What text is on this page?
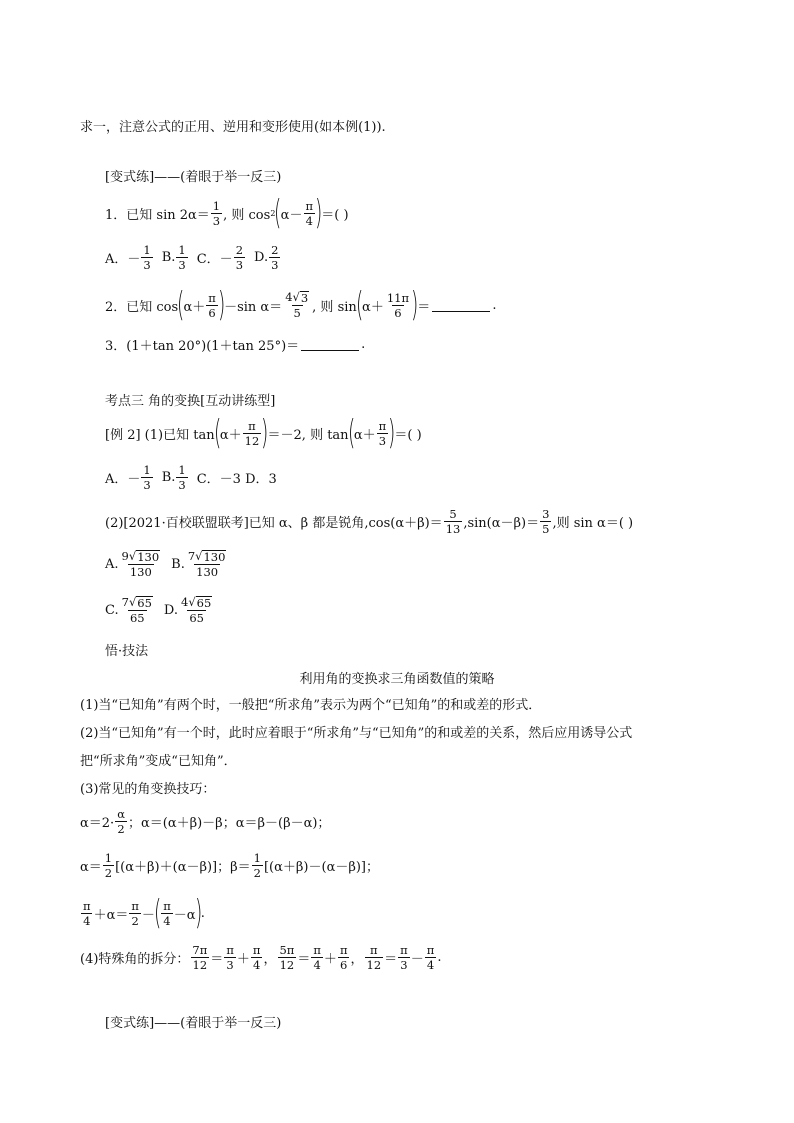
求一，注意公式的正用、逆用和变形使用(如本例(1)).
[变式练]——(着眼于举一反三)
1．已知 $\sin 2\alpha= \frac{1}{3}$ , 则 cos 2
(
$\alpha- \frac{\pi}{4}$ )
＝( )
A．－ $\frac{1}{3} B$. $\frac{1}{3}$ C．－ $\frac{2}{3} D$. $\frac{2}{3}$
2．已知 cos
(
$\alpha+ \frac{\pi}{6}$ )
－sin $\alpha= \frac{4√ 3}{5}$ , 则 sin
(
$\alpha+ \frac{11\pi}{6}$ )
＝	.
3．(1＋tan 20°)(1＋tan 25°)＝	.
考点三 角的变换[互动讲练型]
[例 2] (1)已知 tan
(
$\alpha+ \frac{\pi}{12}$ )
＝－2, 则 tan
(
$\alpha+ \frac{\pi}{3}$ )
＝( )
A．－ $\frac{1}{3} B$. $\frac{1}{3}$ C．－3 D．3
(2)[2021·百校联盟联考]已知 α、β 都是锐角$,\cos(\alpha+\beta)= \frac{5}{13} ,\sin(\alpha-\beta)= \frac{3}{5}$ ,则 sin α＝( )
A. $\frac{9√ 130}{130} B$. $\frac{7√ 130}{130}$
C. $\frac{7√ 65}{65} D$. $\frac{4√ 65}{65}$
悟·技法
利用角的变换求三角函数值的策略
(1)当“已知角”有两个时，一般把“所求角”表示为两个“已知角”的和或差的形式．
(2)当“已知角”有一个时，此时应着眼于“所求角”与“已知角”的和或差的关系，然后应用诱导公式
把“所求角”变成“已知角”．
(3)常见的角变换技巧：
$\alpha=2\cdot \frac{\alpha}{2}$ ；α＝(α＋β)－β；α＝β－(β－α)；
$\alpha= \frac{1}{2} [(\alpha+\beta)+(\alpha-\beta)]$；$\beta= \frac{1}{2} [(\alpha+\beta)-(\alpha-\beta)]$；
$\frac{\pi}{4} +\alpha= \frac{\pi}{2}$ －
( $\frac{\pi}{4} -\alpha$
)
.
(4)特殊角的拆分： $\frac{7\pi}{12} = \frac{\pi}{3} + \frac{\pi}{4}$ ， $\frac{5\pi}{12} = \frac{\pi}{4} + \frac{\pi}{6}$ ， $\frac{\pi}{12} = \frac{\pi}{3} - \frac{\pi}{4}$ .
[变式练]——(着眼于举一反三)
